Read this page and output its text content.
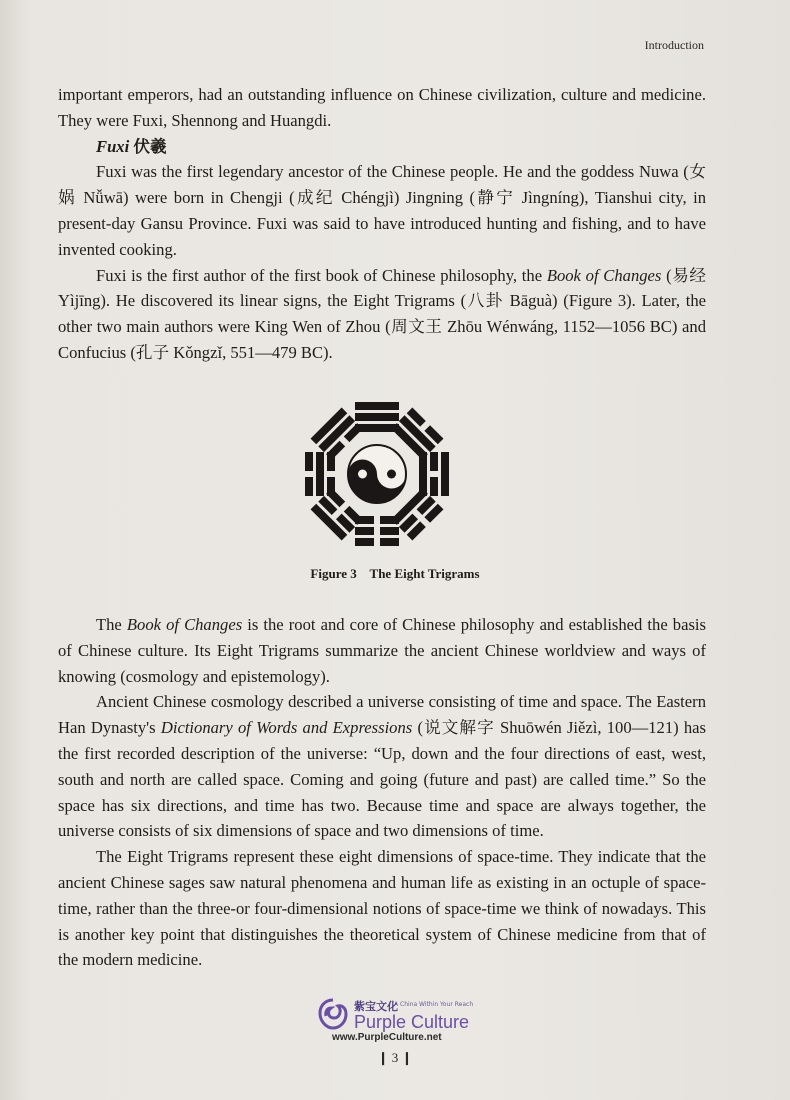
Introduction

important emperors, had an outstanding influence on Chinese civilization, culture and medicine. They were Fuxi, Shennong and Huangdi.

Fuxi 伏羲

Fuxi was the first legendary ancestor of the Chinese people. He and the goddess Nuwa (女娲 Nǚwā) were born in Chengji (成纪 Chéngjì) Jingning (静宁 Jìngníng), Tianshui city, in present-day Gansu Province. Fuxi was said to have introduced hunting and fishing, and to have invented cooking.

Fuxi is the first author of the first book of Chinese philosophy, the Book of Changes (易经 Yìjīng). He discovered its linear signs, the Eight Trigrams (八卦 Bāguà) (Figure 3). Later, the other two main authors were King Wen of Zhou (周文王 Zhōu Wénwáng, 1152—1056 BC) and Confucius (孔子 Kǒngzǐ, 551—479 BC).

Figure 3    The Eight Trigrams

The Book of Changes is the root and core of Chinese philosophy and established the basis of Chinese culture. Its Eight Trigrams summarize the ancient Chinese worldview and ways of knowing (cosmology and epistemology).

Ancient Chinese cosmology described a universe consisting of time and space. The Eastern Han Dynasty's Dictionary of Words and Expressions (说文解字 Shuōwén Jiězì, 100—121) has the first recorded description of the universe: “Up, down and the four directions of east, west, south and north are called space. Coming and going (future and past) are called time.” So the space has six directions, and time has two. Because time and space are always together, the universe consists of six dimensions of space and two dimensions of time.

The Eight Trigrams represent these eight dimensions of space-time. They indicate that the ancient Chinese sages saw natural phenomena and human life as existing in an octuple of space-time, rather than the three-or four-dimensional notions of space-time we think of nowadays. This is another key point that distinguishes the theoretical system of Chinese medicine from that of the modern medicine.

紫宝文化
A China Within Your Reach
Purple Culture
www.PurpleCulture.net
❙ 3 ❙
